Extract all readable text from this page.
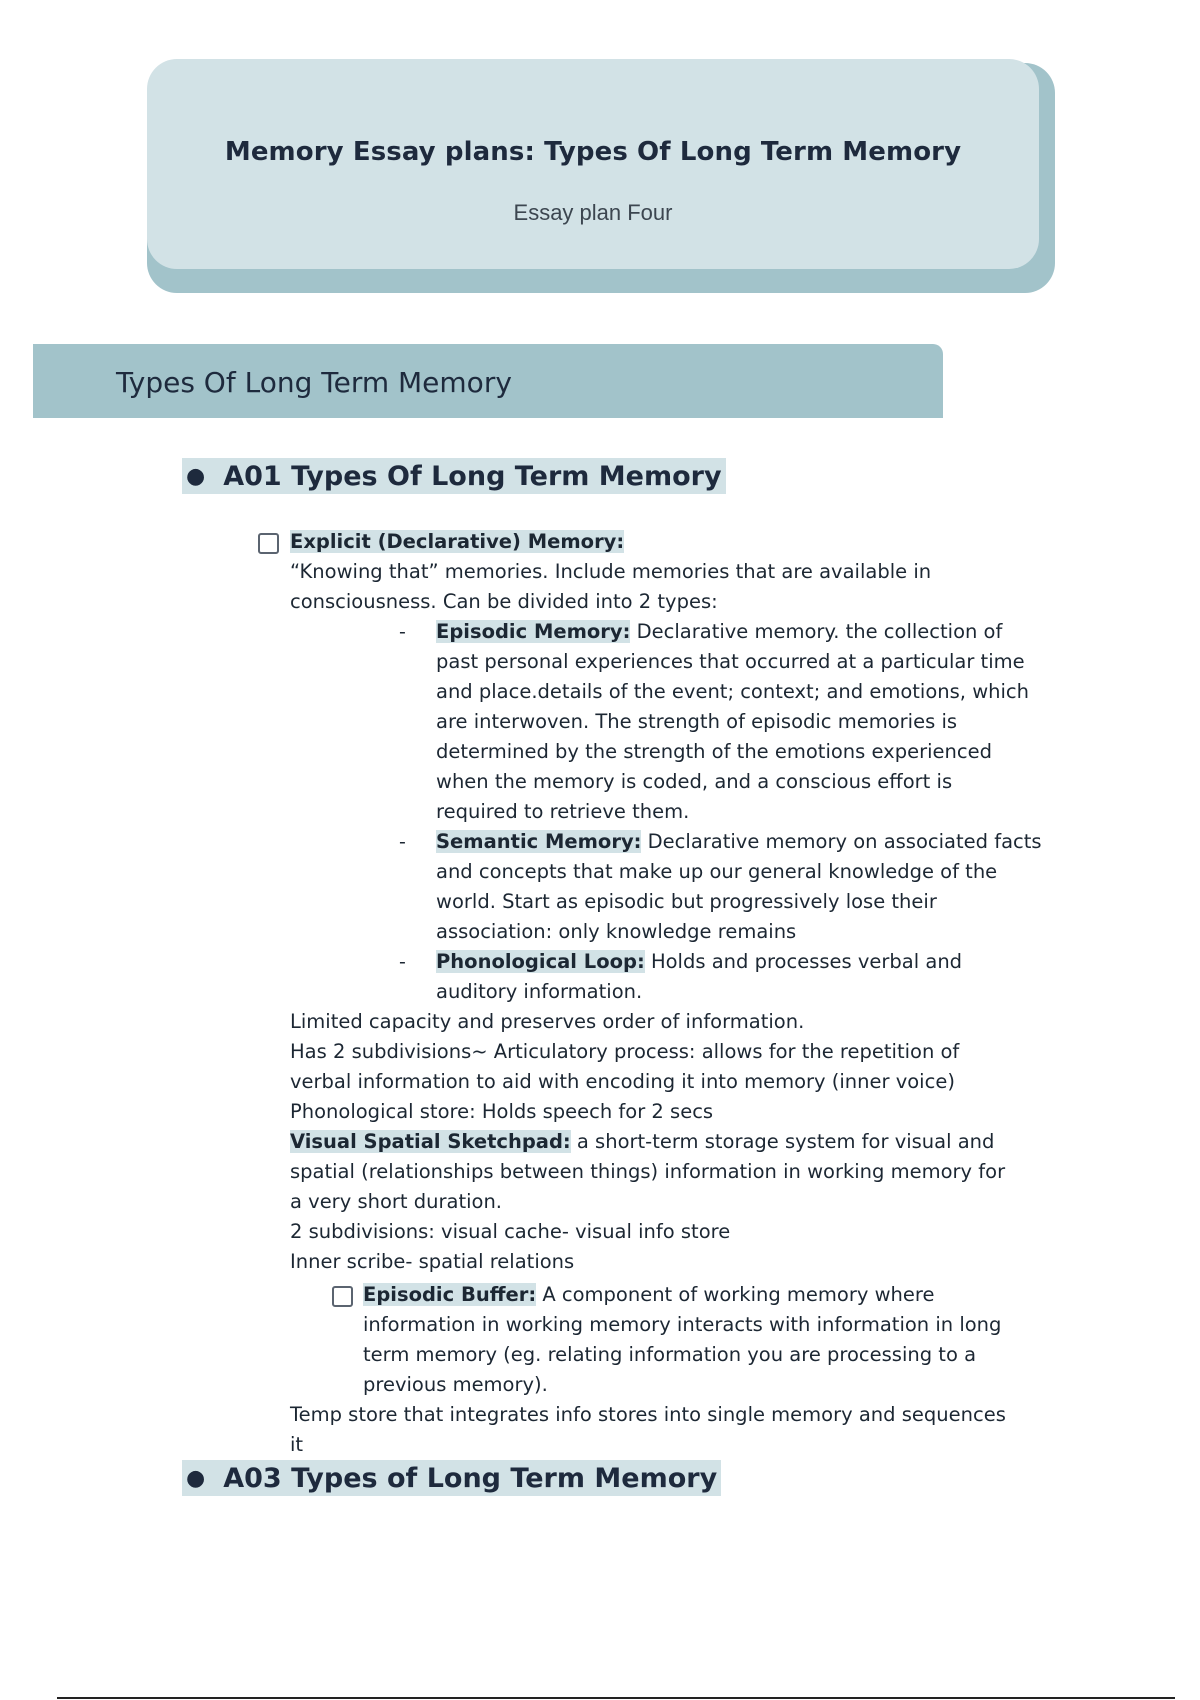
Memory Essay plans: Types Of Long Term Memory
Essay plan Four
Types Of Long Term Memory
● A01 Types Of Long Term Memory
Explicit (Declarative) Memory:
“Knowing that” memories. Include memories that are available in
consciousness. Can be divided into 2 types:
- Episodic Memory: Declarative memory. the collection of
past personal experiences that occurred at a particular time
and place.details of the event; context; and emotions, which
are interwoven. The strength of episodic memories is
determined by the strength of the emotions experienced
when the memory is coded, and a conscious effort is
required to retrieve them.
- Semantic Memory: Declarative memory on associated facts
and concepts that make up our general knowledge of the
world. Start as episodic but progressively lose their
association: only knowledge remains
- Phonological Loop: Holds and processes verbal and
auditory information.
Limited capacity and preserves order of information.
Has 2 subdivisions~ Articulatory process: allows for the repetition of
verbal information to aid with encoding it into memory (inner voice)
Phonological store: Holds speech for 2 secs
Visual Spatial Sketchpad: a short-term storage system for visual and
spatial (relationships between things) information in working memory for
a very short duration.
2 subdivisions: visual cache- visual info store
Inner scribe- spatial relations
Episodic Buffer: A component of working memory where
information in working memory interacts with information in long
term memory (eg. relating information you are processing to a
previous memory).
Temp store that integrates info stores into single memory and sequences
it
● A03 Types of Long Term Memory
